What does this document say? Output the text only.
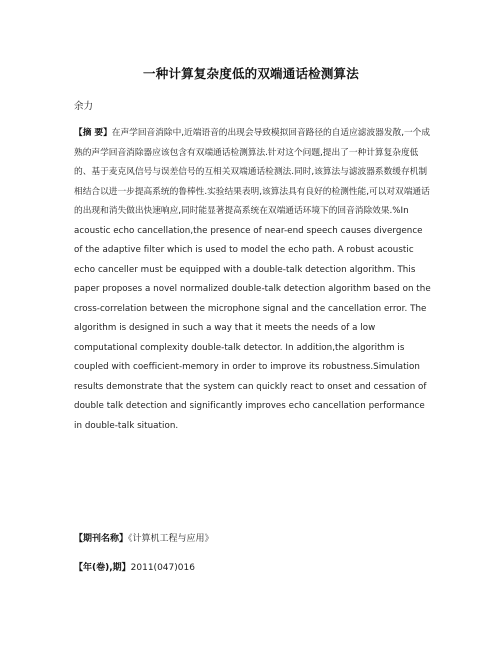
一种计算复杂度低的双端通话检测算法
余力

【摘 要】在声学回音消除中,近端语音的出现会导致模拟回音路径的自适应滤波器发散,一个成熟的声学回音消除器应该包含有双端通话检测算法.针对这个问题,提出了一种计算复杂度低的、基于麦克风信号与误差信号的互相关双端通话检测法.同时,该算法与滤波器系数缓存机制相结合以进一步提高系统的鲁棒性.实验结果表明,该算法具有良好的检测性能,可以对双端通话的出现和消失做出快速响应,同时能显著提高系统在双端通话环境下的回音消除效果.%In acoustic echo cancellation,the presence of near-end speech causes divergence of the adaptive filter which is used to model the echo path. A robust acoustic echo canceller must be equipped with a double-talk detection algorithm. This paper proposes a novel normalized double-talk detection algorithm based on the cross-correlation between the microphone signal and the cancellation error. The algorithm is designed in such a way that it meets the needs of a low computational complexity double-talk detector. In addition,the algorithm is coupled with coefficient-memory in order to improve its robustness.Simulation results demonstrate that the system can quickly react to onset and cessation of double talk detection and significantly improves echo cancellation performance in double-talk situation.

【期刊名称】《计算机工程与应用》
【年(卷),期】2011(047)016
